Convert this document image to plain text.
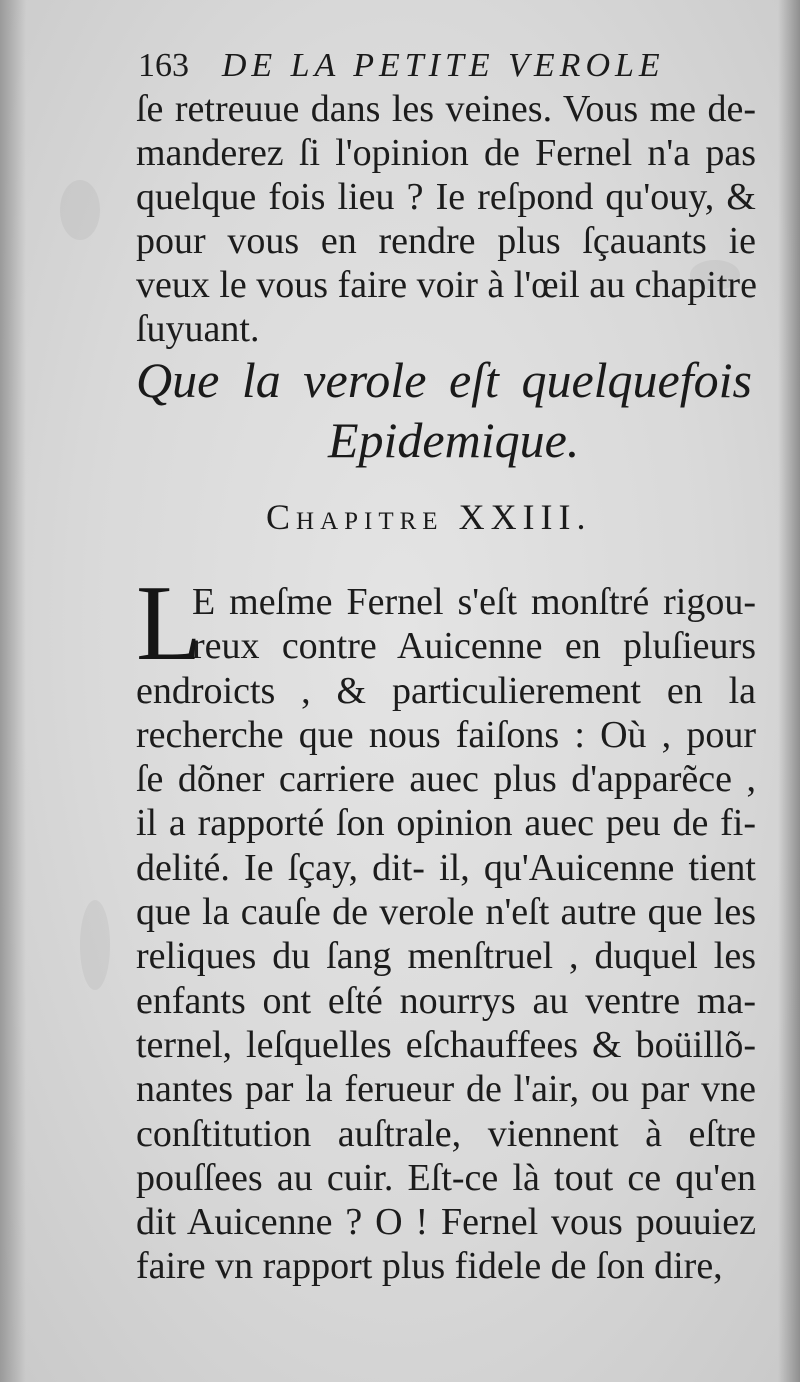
163 DE LA PETITE VEROLE
ſe retreuue dans les veines. Vous me de-
manderez ſi l'opinion de Fernel n'a pas
quelque fois lieu ? Ie reſpond qu'ouy, &
pour vous en rendre plus ſçauants ie
veux le vous faire voir à l'œil au chapitre
ſuyuant.
Que la verole eſt quelquefois
Epidemique.
Chapitre XXIII.
L
E meſme Fernel s'eſt monſtré rigou-
reux contre Auicenne en pluſieurs
endroicts , & particulierement en la
recherche que nous faiſons : Où , pour
ſe dõner carriere auec plus d'apparẽce ,
il a rapporté ſon opinion auec peu de fi-
delité. Ie ſçay, dit- il, qu'Auicenne tient
que la cauſe de verole n'eſt autre que les
reliques du ſang menſtruel , duquel les
enfants ont eſté nourrys au ventre ma-
ternel, leſquelles eſchauffees & boüillõ-
nantes par la ferueur de l'air, ou par vne
conſtitution auſtrale, viennent à eſtre
pouſſees au cuir. Eſt-ce là tout ce qu'en
dit Auicenne ? O ! Fernel vous pouuiez
faire vn rapport plus fidele de ſon dire,
